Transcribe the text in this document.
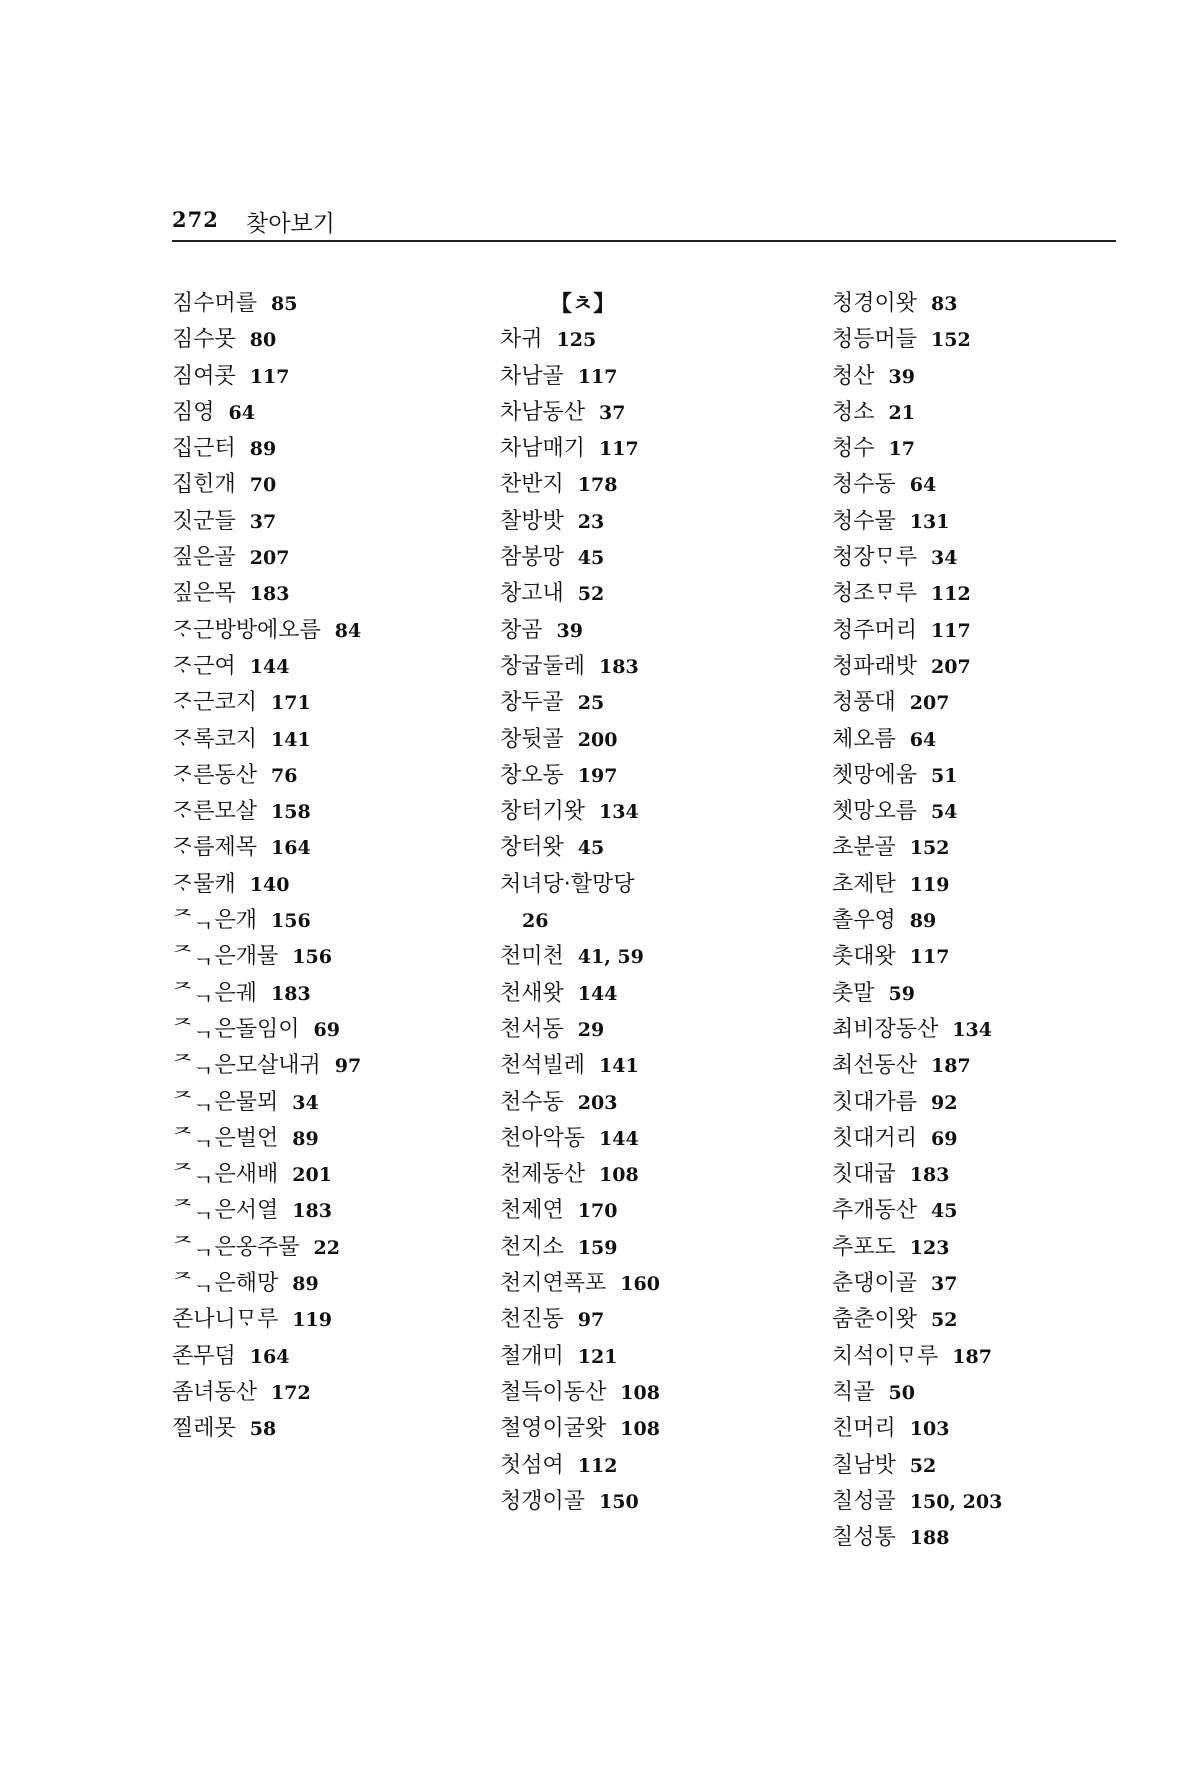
272 찾아보기
짐수머를 85
짐수못 80
짐여콧 117
짐영 64
집근터 89
집힌개 70
짓군들 37
짚은골 207
짚은목 183
ᄌᆞ근방방에오름 84
ᄌᆞ근여 144
ᄌᆞ근코지 171
ᄌᆞ록코지 141
ᄌᆞ른동산 76
ᄌᆞ른모살 158
ᄌᆞ름제목 164
ᄌᆞ물캐 140
ᄌᆨ은개 156
ᄌᆨ은개물 156
ᄌᆨ은궤 183
ᄌᆨ은돌임이 69
ᄌᆨ은모살내귀 97
ᄌᆨ은물뫼 34
ᄌᆨ은벌언 89
ᄌᆨ은새배 201
ᄌᆨ은서열 183
ᄌᆨ은옹주물 22
ᄌᆨ은해망 89
존나니ᄆᆞ루 119
존무덤 164
좀녀동산 172
찔레못 58
【ㅊ】
차귀 125
차남골 117
차남동산 37
차남매기 117
찬반지 178
찰방밧 23
참봉망 45
창고내 52
창곰 39
창굽둘레 183
창두골 25
창뒷골 200
창오동 197
창터기왓 134
창터왓 45
처녀당·할망당
26
천미천 41, 59
천새왓 144
천서동 29
천석빌레 141
천수동 203
천아악동 144
천제동산 108
천제연 170
천지소 159
천지연폭포 160
천진동 97
철개미 121
철득이동산 108
철영이굴왓 108
첫섬여 112
청갱이골 150
청경이왓 83
청등머들 152
청산 39
청소 21
청수 17
청수동 64
청수물 131
청장ᄆᆞ루 34
청조ᄆᆞ루 112
청주머리 117
청파래밧 207
청풍대 207
체오름 64
쳇망에움 51
쳇망오름 54
초분골 152
초제탄 119
촐우영 89
촛대왓 117
촛말 59
최비장동산 134
최선동산 187
칫대가름 92
칫대거리 69
칫대굽 183
추개동산 45
추포도 123
춘댕이골 37
춤춘이왓 52
치석이ᄆᆞ루 187
칙골 50
친머리 103
칠남밧 52
칠성골 150, 203
칠성통 188
